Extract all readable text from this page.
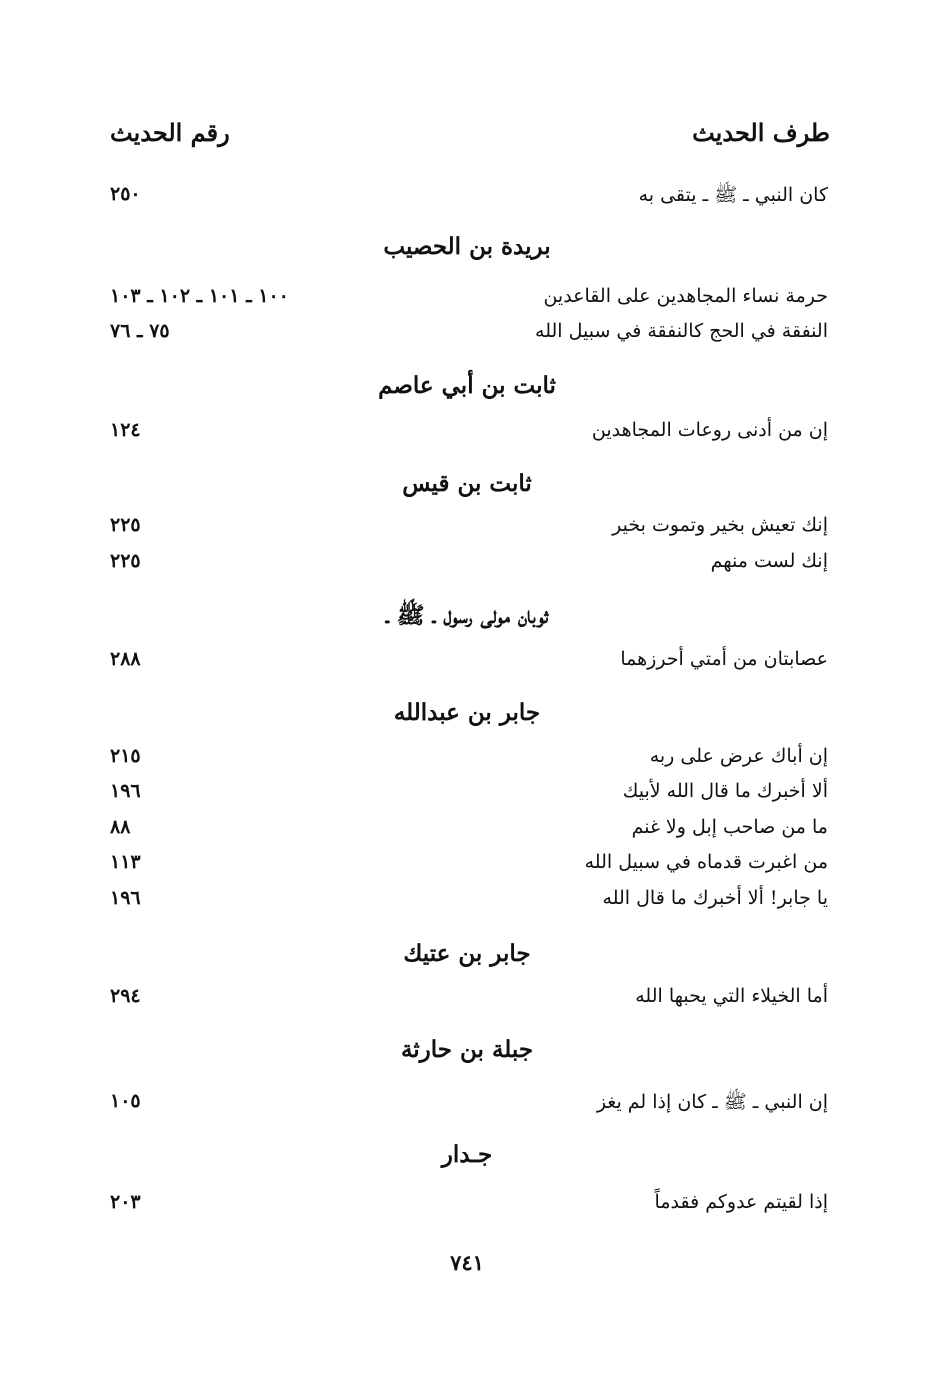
طرف الحديث
رقم الحديث
كان النبي ـ ﷺ ـ يتقى به
٢٥٠
بريدة بن الحصيب
حرمة نساء المجاهدين على القاعدين
١٠٠ ـ ١٠١ ـ ١٠٢ ـ ١٠٣
النفقة في الحج كالنفقة في سبيل الله
٧٥ ـ ٧٦
ثابت بن أبي عاصم
إن من أدنى روعات المجاهدين
١٢٤
ثابت بن قيس
إنك تعيش بخير وتموت بخير
٢٢٥
إنك لست منهم
٢٢٥
ثوبان مولى رسول ـ ﷺ ـ
عصابتان من أمتي أحرزهما
٢٨٨
جابر بن عبدالله
إن أباك عرض على ربه
٢١٥
ألا أخبرك ما قال الله لأبيك
١٩٦
ما من صاحب إبل ولا غنم
٨٨
من اغبرت قدماه في سبيل الله
١١٣
يا جابر! ألا أخبرك ما قال الله
١٩٦
جابر بن عتيك
أما الخيلاء التي يحبها الله
٢٩٤
جبلة بن حارثة
إن النبي ـ ﷺ ـ كان إذا لم يغز
١٠٥
جـدار
إذا لقيتم عدوكم فقدماً
٢٠٣
٧٤١
